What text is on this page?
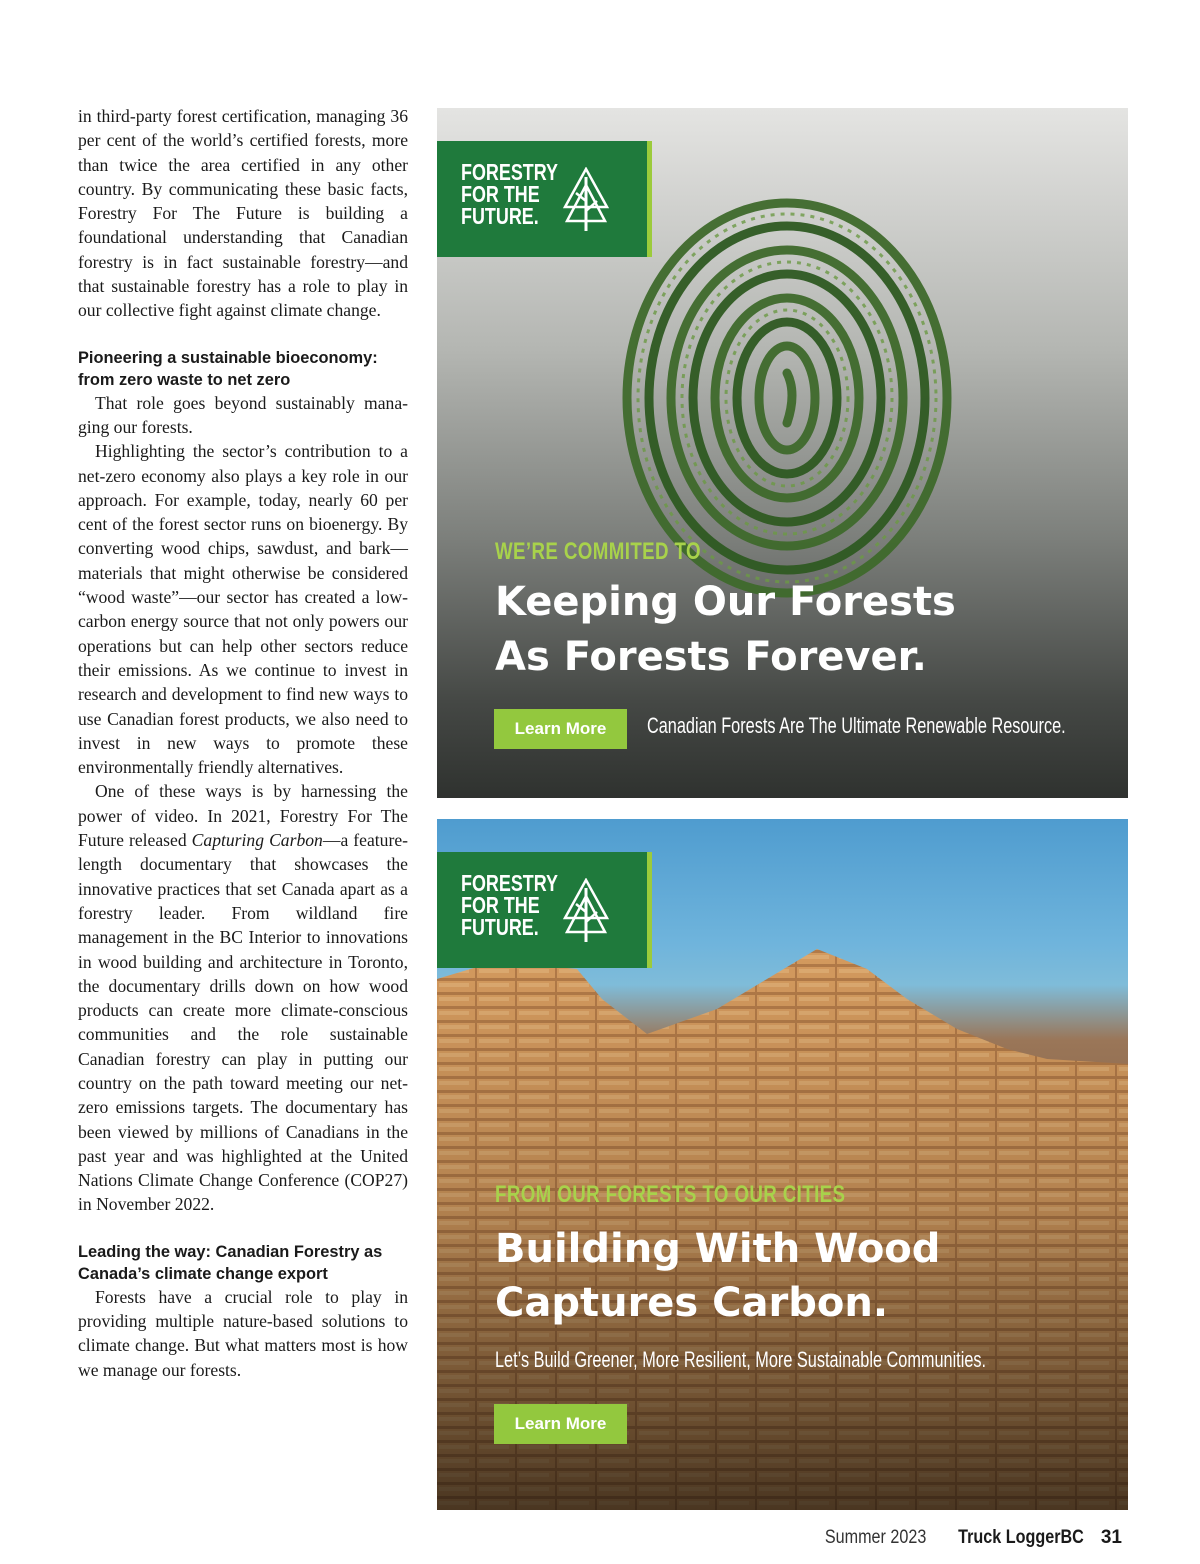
in third-party forest certification, managing 36 per cent of the world’s certified forests, more than twice the area certified in any other country. By communicating these basic facts, Forestry For The Future is building a foundational understanding that Canadian forestry is in fact sustainable forestry—and that sustainable forestry has a role to play in our collective fight against climate change.

Pioneering a sustainable bioeconomy: from zero waste to net zero

That role goes beyond sustainably managing our forests.

Highlighting the sector’s contribution to a net-zero economy also plays a key role in our approach. For example, today, nearly 60 per cent of the forest sector runs on bioenergy. By converting wood chips, sawdust, and bark—materials that might otherwise be considered “wood waste”—our sector has created a low-carbon energy source that not only powers our operations but can help other sectors reduce their emissions. As we continue to invest in research and development to find new ways to use Canadian forest products, we also need to invest in new ways to promote these environmentally friendly alternatives.

One of these ways is by harnessing the power of video. In 2021, Forestry For The Future released Capturing Carbon—a feature-length documentary that showcases the innovative practices that set Canada apart as a forestry leader. From wildland fire management in the BC Interior to innovations in wood building and architecture in Toronto, the documentary drills down on how wood products can create more climate-conscious communities and the role sustainable Canadian forestry can play in putting our country on the path toward meeting our net-zero emissions targets. The documentary has been viewed by millions of Canadians in the past year and was highlighted at the United Nations Climate Change Conference (COP27) in November 2022.

Leading the way: Canadian Forestry as Canada’s climate change export

Forests have a crucial role to play in providing multiple nature-based solutions to climate change. But what matters most is how we manage our forests.

FORESTRY
FOR THE
FUTURE.
WE’RE COMMITED TO
Keeping Our Forests
As Forests Forever.
Learn More	Canadian Forests Are The Ultimate Renewable Resource.
FORESTRY
FOR THE
FUTURE.
FROM OUR FORESTS TO OUR CITIES
Building With Wood
Captures Carbon.
Let’s Build Greener, More Resilient, More Sustainable Communities.
Learn More
Summer 2023 Truck LoggerBC 31
